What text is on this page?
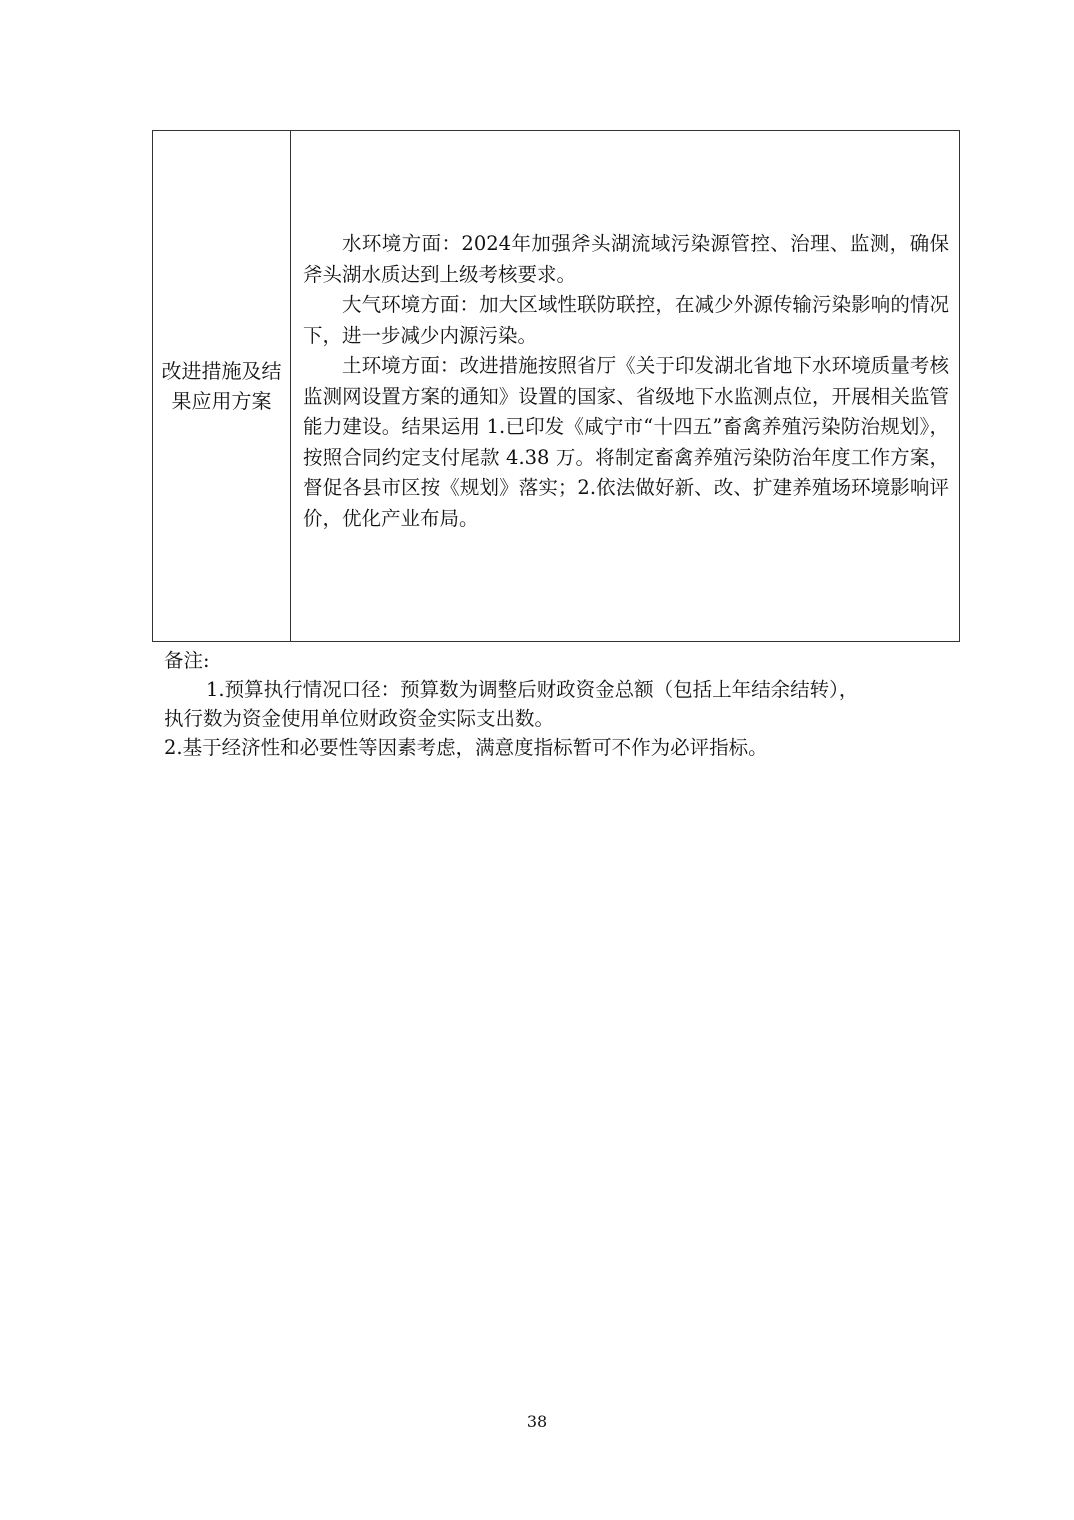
改进措施及结果应用方案

水环境方面：2024年加强斧头湖流域污染源管控、治理、监测，确保斧头湖水质达到上级考核要求。

大气环境方面：加大区域性联防联控，在减少外源传输污染影响的情况下，进一步减少内源污染。

土环境方面：改进措施按照省厅《关于印发湖北省地下水环境质量考核监测网设置方案的通知》设置的国家、省级地下水监测点位，开展相关监管能力建设。结果运用 1.已印发《咸宁市“十四五”畜禽养殖污染防治规划》，按照合同约定支付尾款 4.38 万。将制定畜禽养殖污染防治年度工作方案，督促各县市区按《规划》落实；2.依法做好新、改、扩建养殖场环境影响评价，优化产业布局。

备注:

1.预算执行情况口径：预算数为调整后财政资金总额（包括上年结余结转），

执行数为资金使用单位财政资金实际支出数。

2.基于经济性和必要性等因素考虑，满意度指标暂可不作为必评指标。

38
